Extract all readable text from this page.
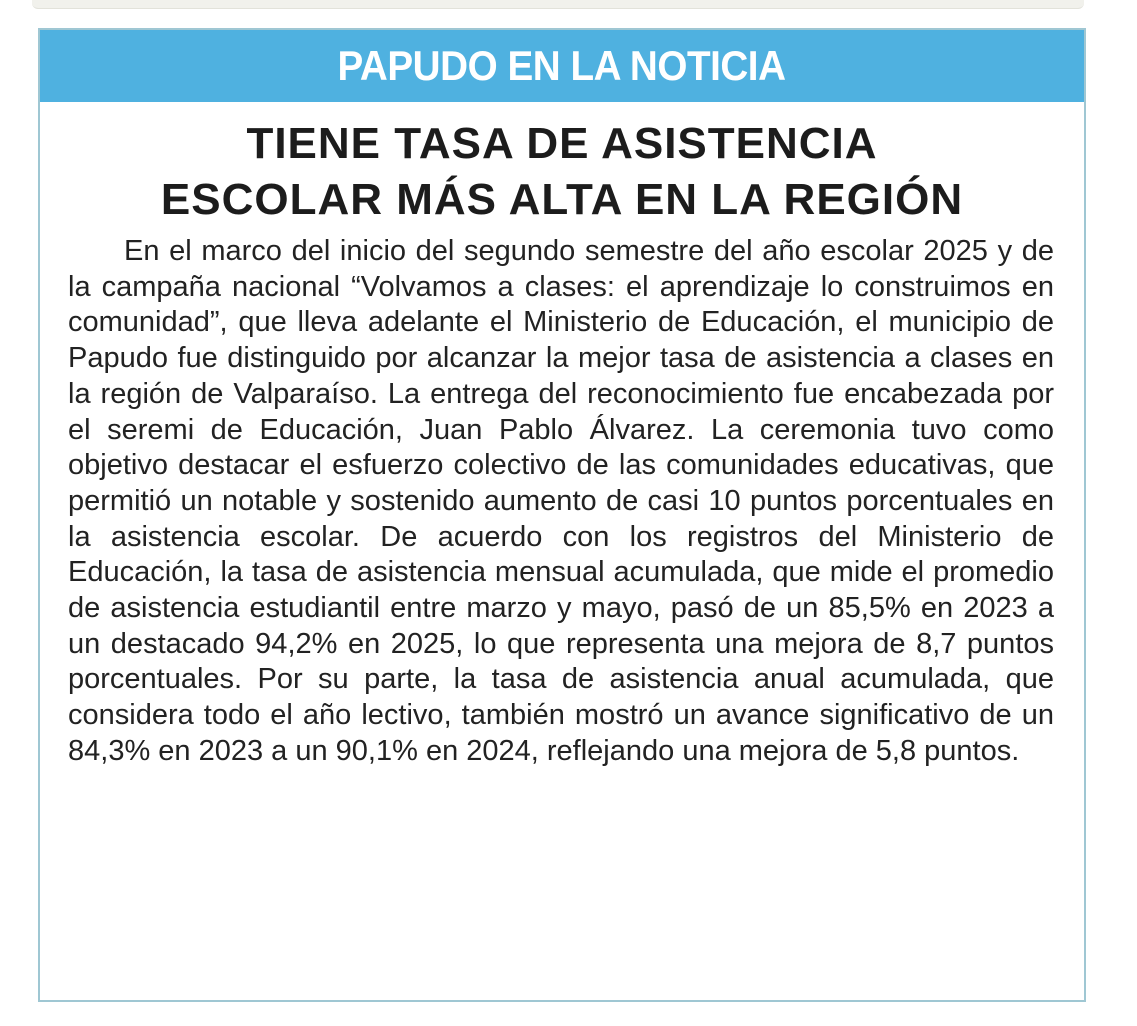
PAPUDO EN LA NOTICIA
TIENE TASA DE ASISTENCIA
ESCOLAR MÁS ALTA EN LA REGIÓN

En el marco del inicio del segundo semestre del año escolar 2025 y de la campaña nacional “Volvamos a clases: el aprendizaje lo construimos en comunidad”, que lleva adelante el Ministerio de Educación, el municipio de Papudo fue distinguido por alcanzar la mejor tasa de asistencia a clases en la región de Valparaíso. La entrega del reconocimiento fue encabezada por el seremi de Educación, Juan Pablo Álvarez. La ceremonia tuvo como objetivo destacar el esfuerzo colectivo de las comunidades educativas, que permitió un notable y sostenido aumento de casi 10 puntos porcentuales en la asistencia escolar. De acuerdo con los registros del Ministerio de Educación, la tasa de asistencia mensual acumulada, que mide el promedio de asistencia estudiantil entre marzo y mayo, pasó de un 85,5% en 2023 a un destacado 94,2% en 2025, lo que representa una mejora de 8,7 puntos porcentuales. Por su parte, la tasa de asistencia anual acumulada, que considera todo el año lectivo, también mostró un avance significativo de un 84,3% en 2023 a un 90,1% en 2024, reflejando una mejora de 5,8 puntos.
